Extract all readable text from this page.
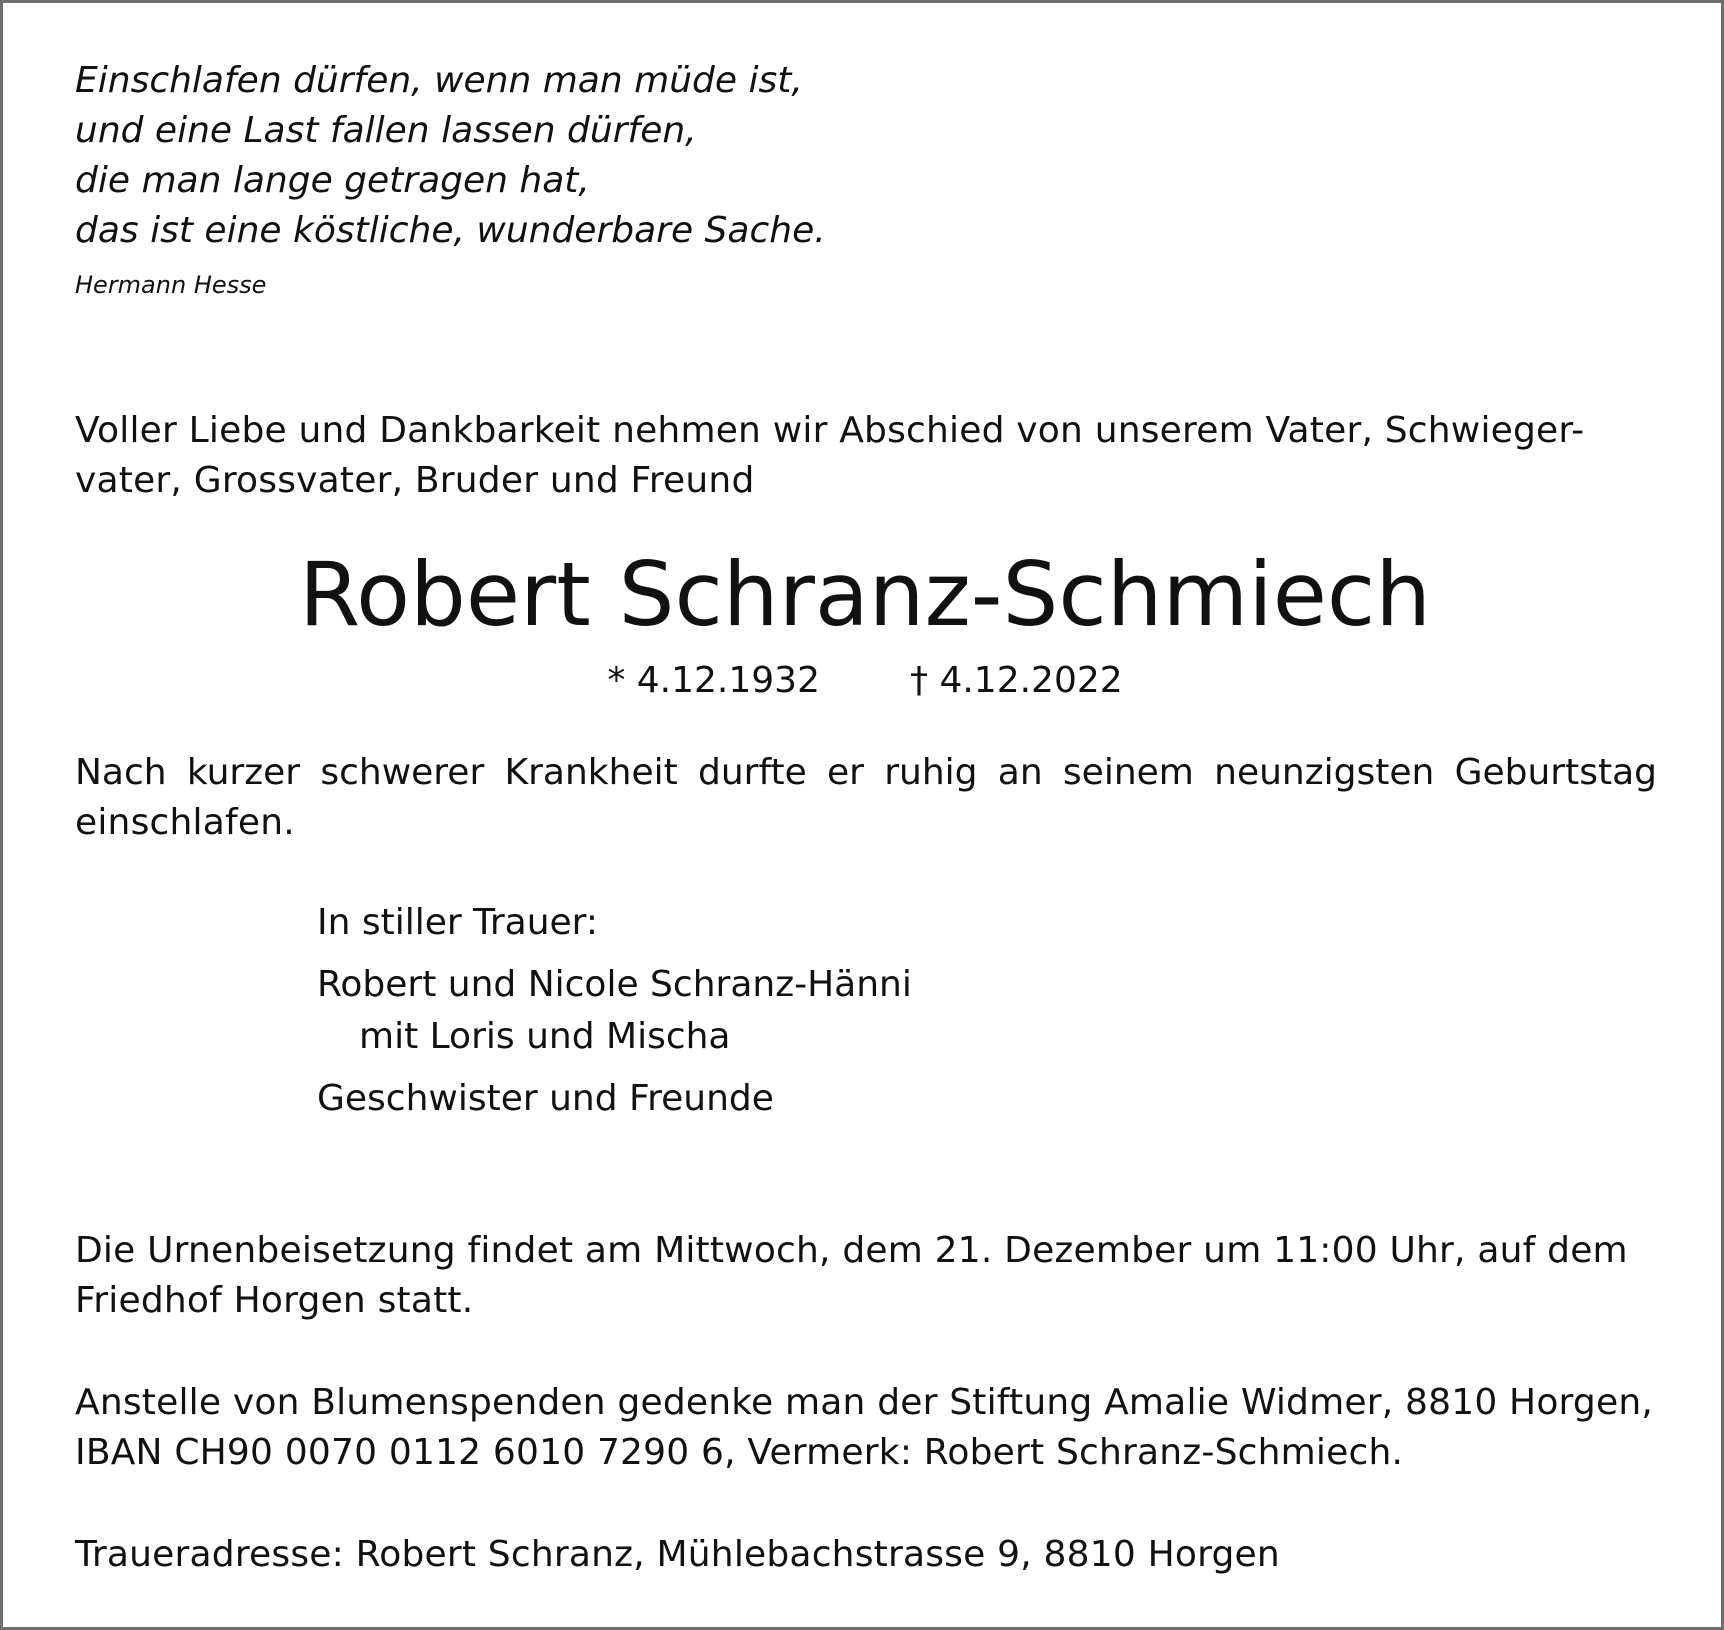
Einschlafen dürfen, wenn man müde ist,
und eine Last fallen lassen dürfen,
die man lange getragen hat,
das ist eine köstliche, wunderbare Sache.
Hermann Hesse
Voller Liebe und Dankbarkeit nehmen wir Abschied von unserem Vater, Schwieger-
vater, Grossvater, Bruder und Freund
Robert Schranz-Schmiech
* 4.12.1932	† 4.12.2022
Nach kurzer schwerer Krankheit durfte er ruhig an seinem neunzigsten Geburtstag
einschlafen.
In stiller Trauer:
Robert und Nicole Schranz-Hänni
mit Loris und Mischa
Geschwister und Freunde
Die Urnenbeisetzung findet am Mittwoch, dem 21. Dezember um 11:00 Uhr, auf dem
Friedhof Horgen statt.
Anstelle von Blumenspenden gedenke man der Stiftung Amalie Widmer, 8810 Horgen,
IBAN CH90 0070 0112 6010 7290 6, Vermerk: Robert Schranz-Schmiech.
Traueradresse: Robert Schranz, Mühlebachstrasse 9, 8810 Horgen
